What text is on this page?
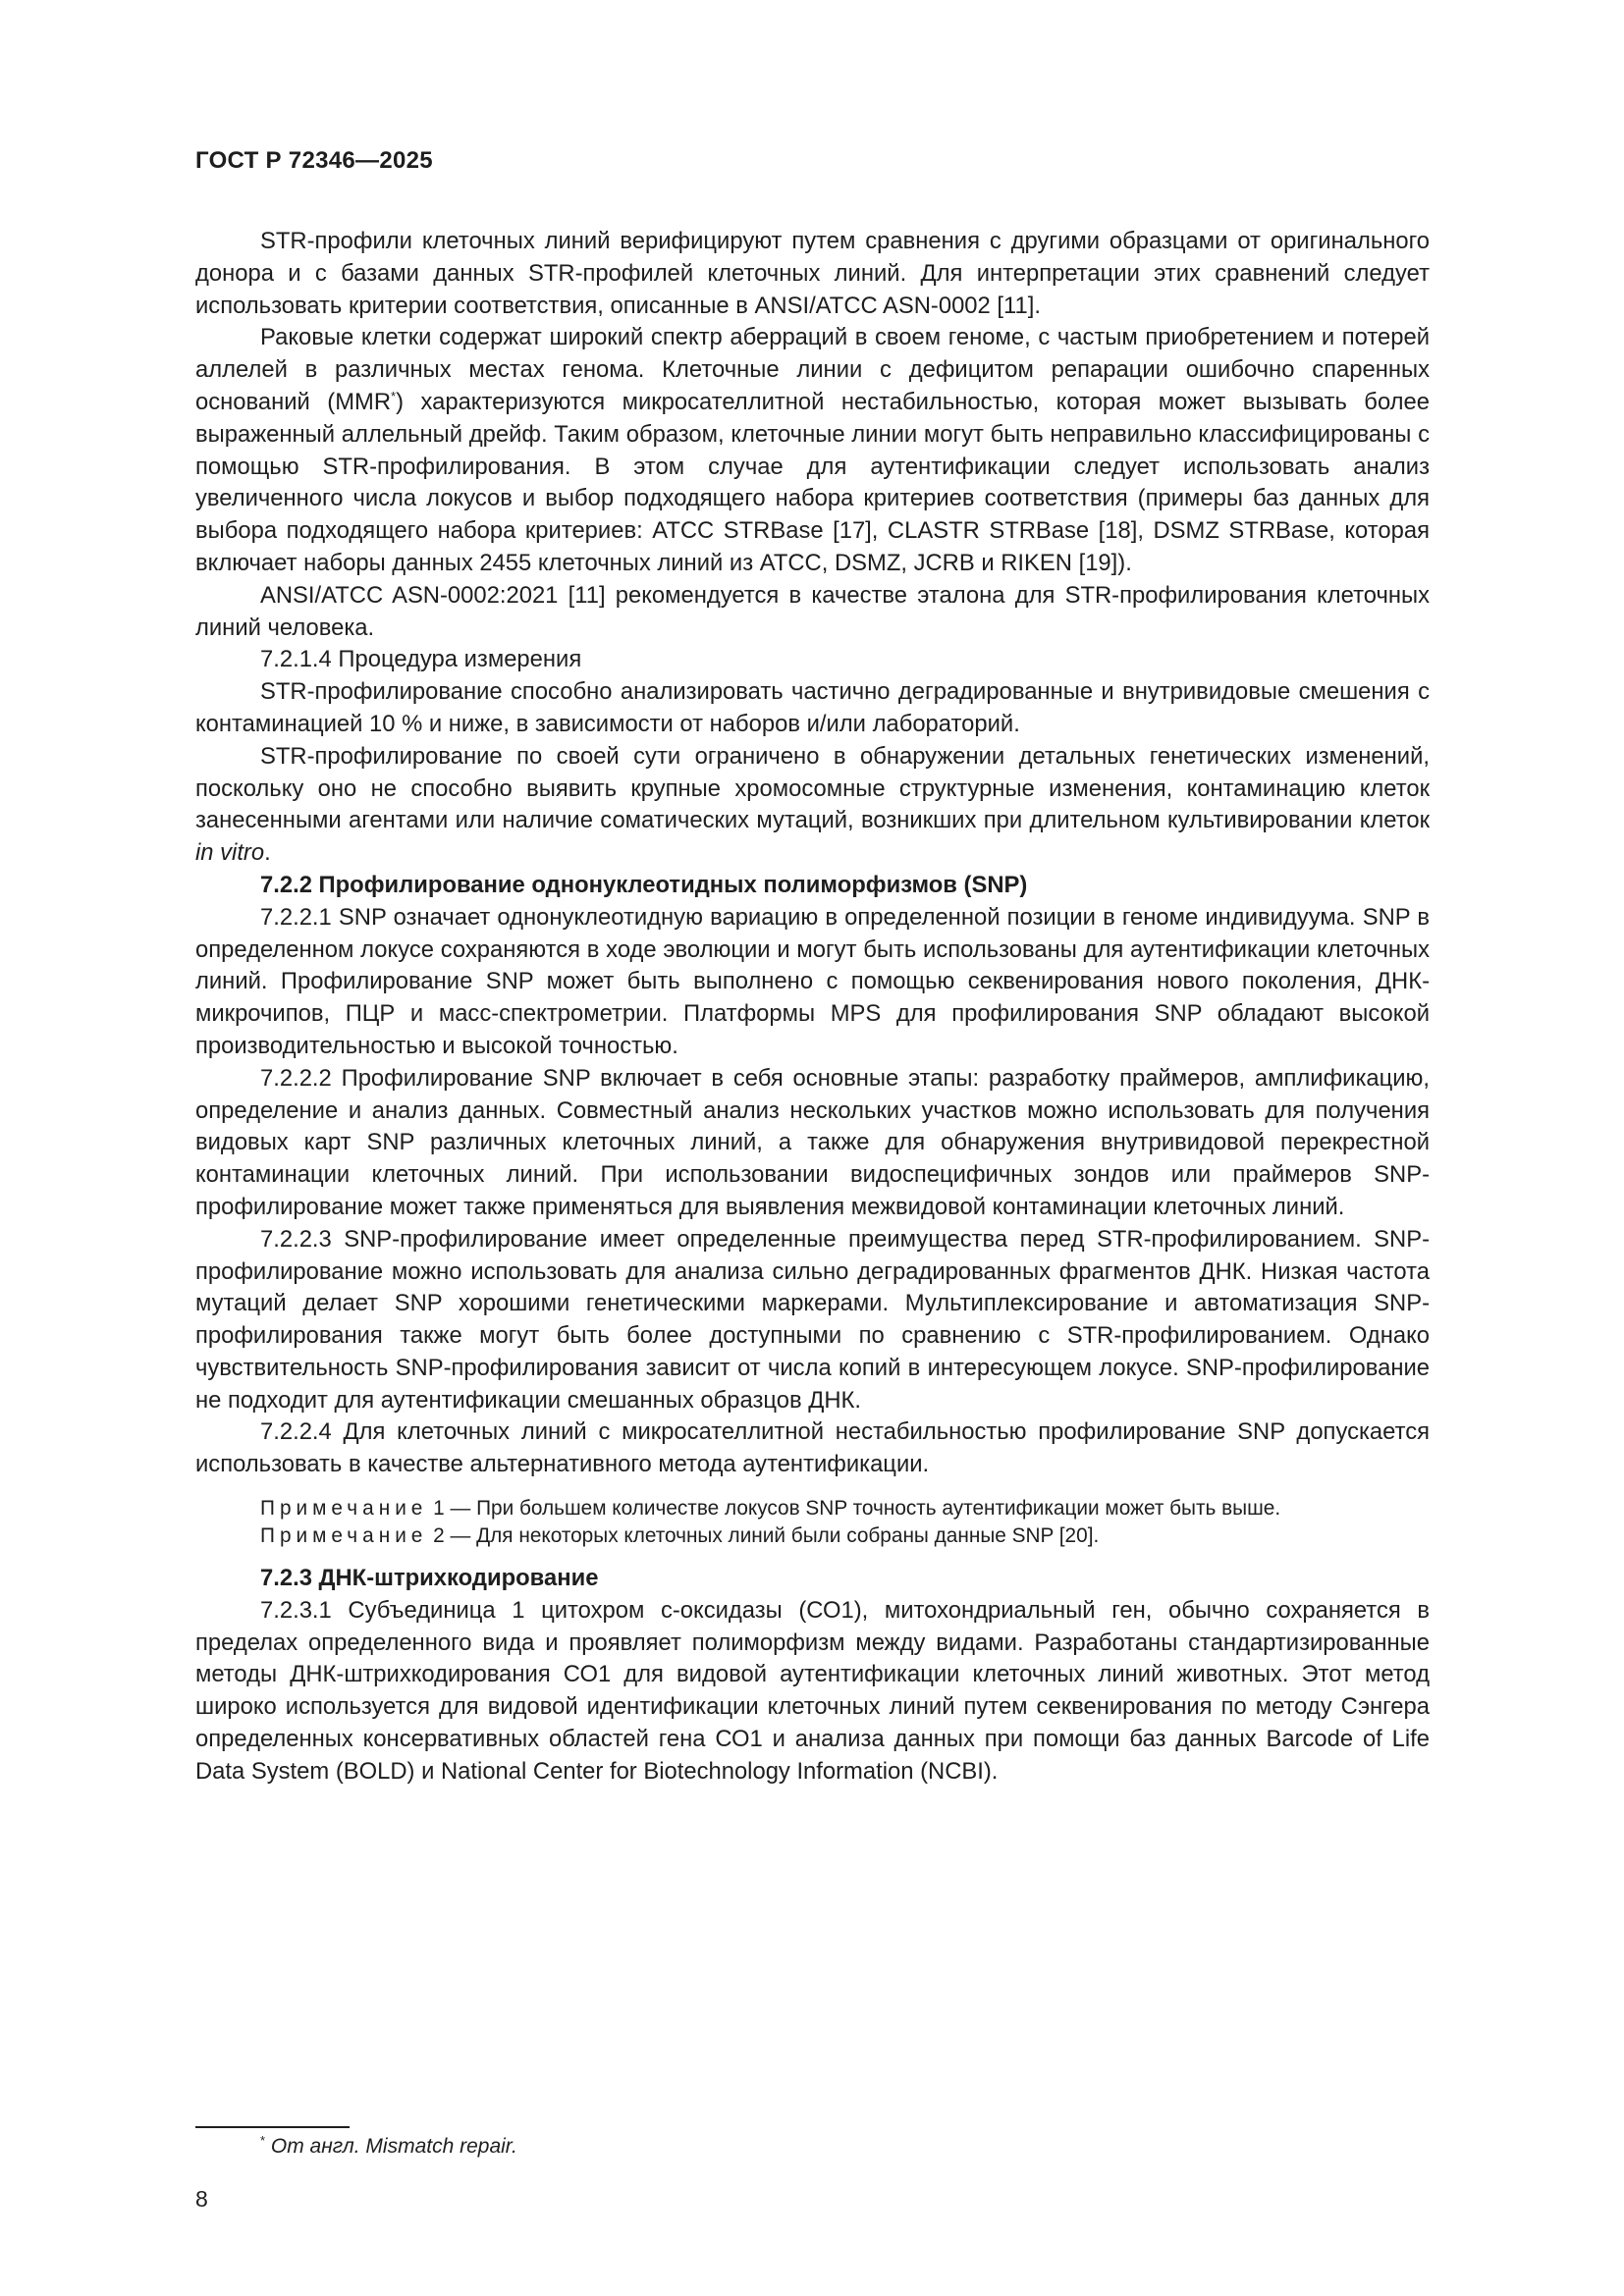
ГОСТ Р 72346—2025

STR-профили клеточных линий верифицируют путем сравнения с другими образцами от оригинального донора и с базами данных STR-профилей клеточных линий. Для интерпретации этих сравнений следует использовать критерии соответствия, описанные в ANSI/ATCC ASN-0002 [11].

Раковые клетки содержат широкий спектр аберраций в своем геноме, с частым приобретением и потерей аллелей в различных местах генома. Клеточные линии с дефицитом репарации ошибочно спаренных оснований (MMR*) характеризуются микросателлитной нестабильностью, которая может вызывать более выраженный аллельный дрейф. Таким образом, клеточные линии могут быть неправильно классифицированы с помощью STR-профилирования. В этом случае для аутентификации следует использовать анализ увеличенного числа локусов и выбор подходящего набора критериев соответствия (примеры баз данных для выбора подходящего набора критериев: ATCC STRBase [17], CLASTR STRBase [18], DSMZ STRBase, которая включает наборы данных 2455 клеточных линий из ATCC, DSMZ, JCRB и RIKEN [19]).

ANSI/ATCC ASN-0002:2021 [11] рекомендуется в качестве эталона для STR-профилирования клеточных линий человека.

7.2.1.4 Процедура измерения

STR-профилирование способно анализировать частично деградированные и внутривидовые смешения с контаминацией 10 % и ниже, в зависимости от наборов и/или лабораторий.

STR-профилирование по своей сути ограничено в обнаружении детальных генетических изменений, поскольку оно не способно выявить крупные хромосомные структурные изменения, контаминацию клеток занесенными агентами или наличие соматических мутаций, возникших при длительном культивировании клеток in vitro.

7.2.2 Профилирование однонуклеотидных полиморфизмов (SNP)

7.2.2.1 SNP означает однонуклеотидную вариацию в определенной позиции в геноме индивидуума. SNP в определенном локусе сохраняются в ходе эволюции и могут быть использованы для аутентификации клеточных линий. Профилирование SNP может быть выполнено с помощью секвенирования нового поколения, ДНК-микрочипов, ПЦР и масс-спектрометрии. Платформы MPS для профилирования SNP обладают высокой производительностью и высокой точностью.

7.2.2.2 Профилирование SNP включает в себя основные этапы: разработку праймеров, амплификацию, определение и анализ данных. Совместный анализ нескольких участков можно использовать для получения видовых карт SNP различных клеточных линий, а также для обнаружения внутривидовой перекрестной контаминации клеточных линий. При использовании видоспецифичных зондов или праймеров SNP-профилирование может также применяться для выявления межвидовой контаминации клеточных линий.

7.2.2.3 SNP-профилирование имеет определенные преимущества перед STR-профилированием. SNP-профилирование можно использовать для анализа сильно деградированных фрагментов ДНК. Низкая частота мутаций делает SNP хорошими генетическими маркерами. Мультиплексирование и автоматизация SNP-профилирования также могут быть более доступными по сравнению с STR-профилированием. Однако чувствительность SNP-профилирования зависит от числа копий в интересующем локусе. SNP-профилирование не подходит для аутентификации смешанных образцов ДНК.

7.2.2.4 Для клеточных линий с микросателлитной нестабильностью профилирование SNP допускается использовать в качестве альтернативного метода аутентификации.

Примечание 1 — При большем количестве локусов SNP точность аутентификации может быть выше.

Примечание 2 — Для некоторых клеточных линий были собраны данные SNP [20].

7.2.3 ДНК-штрихкодирование

7.2.3.1 Субъединица 1 цитохром с-оксидазы (СО1), митохондриальный ген, обычно сохраняется в пределах определенного вида и проявляет полиморфизм между видами. Разработаны стандартизированные методы ДНК-штрихкодирования СО1 для видовой аутентификации клеточных линий животных. Этот метод широко используется для видовой идентификации клеточных линий путем секвенирования по методу Сэнгера определенных консервативных областей гена СО1 и анализа данных при помощи баз данных Barcode of Life Data System (BOLD) и National Center for Biotechnology Information (NCBI).

* От англ. Mismatch repair.
8
